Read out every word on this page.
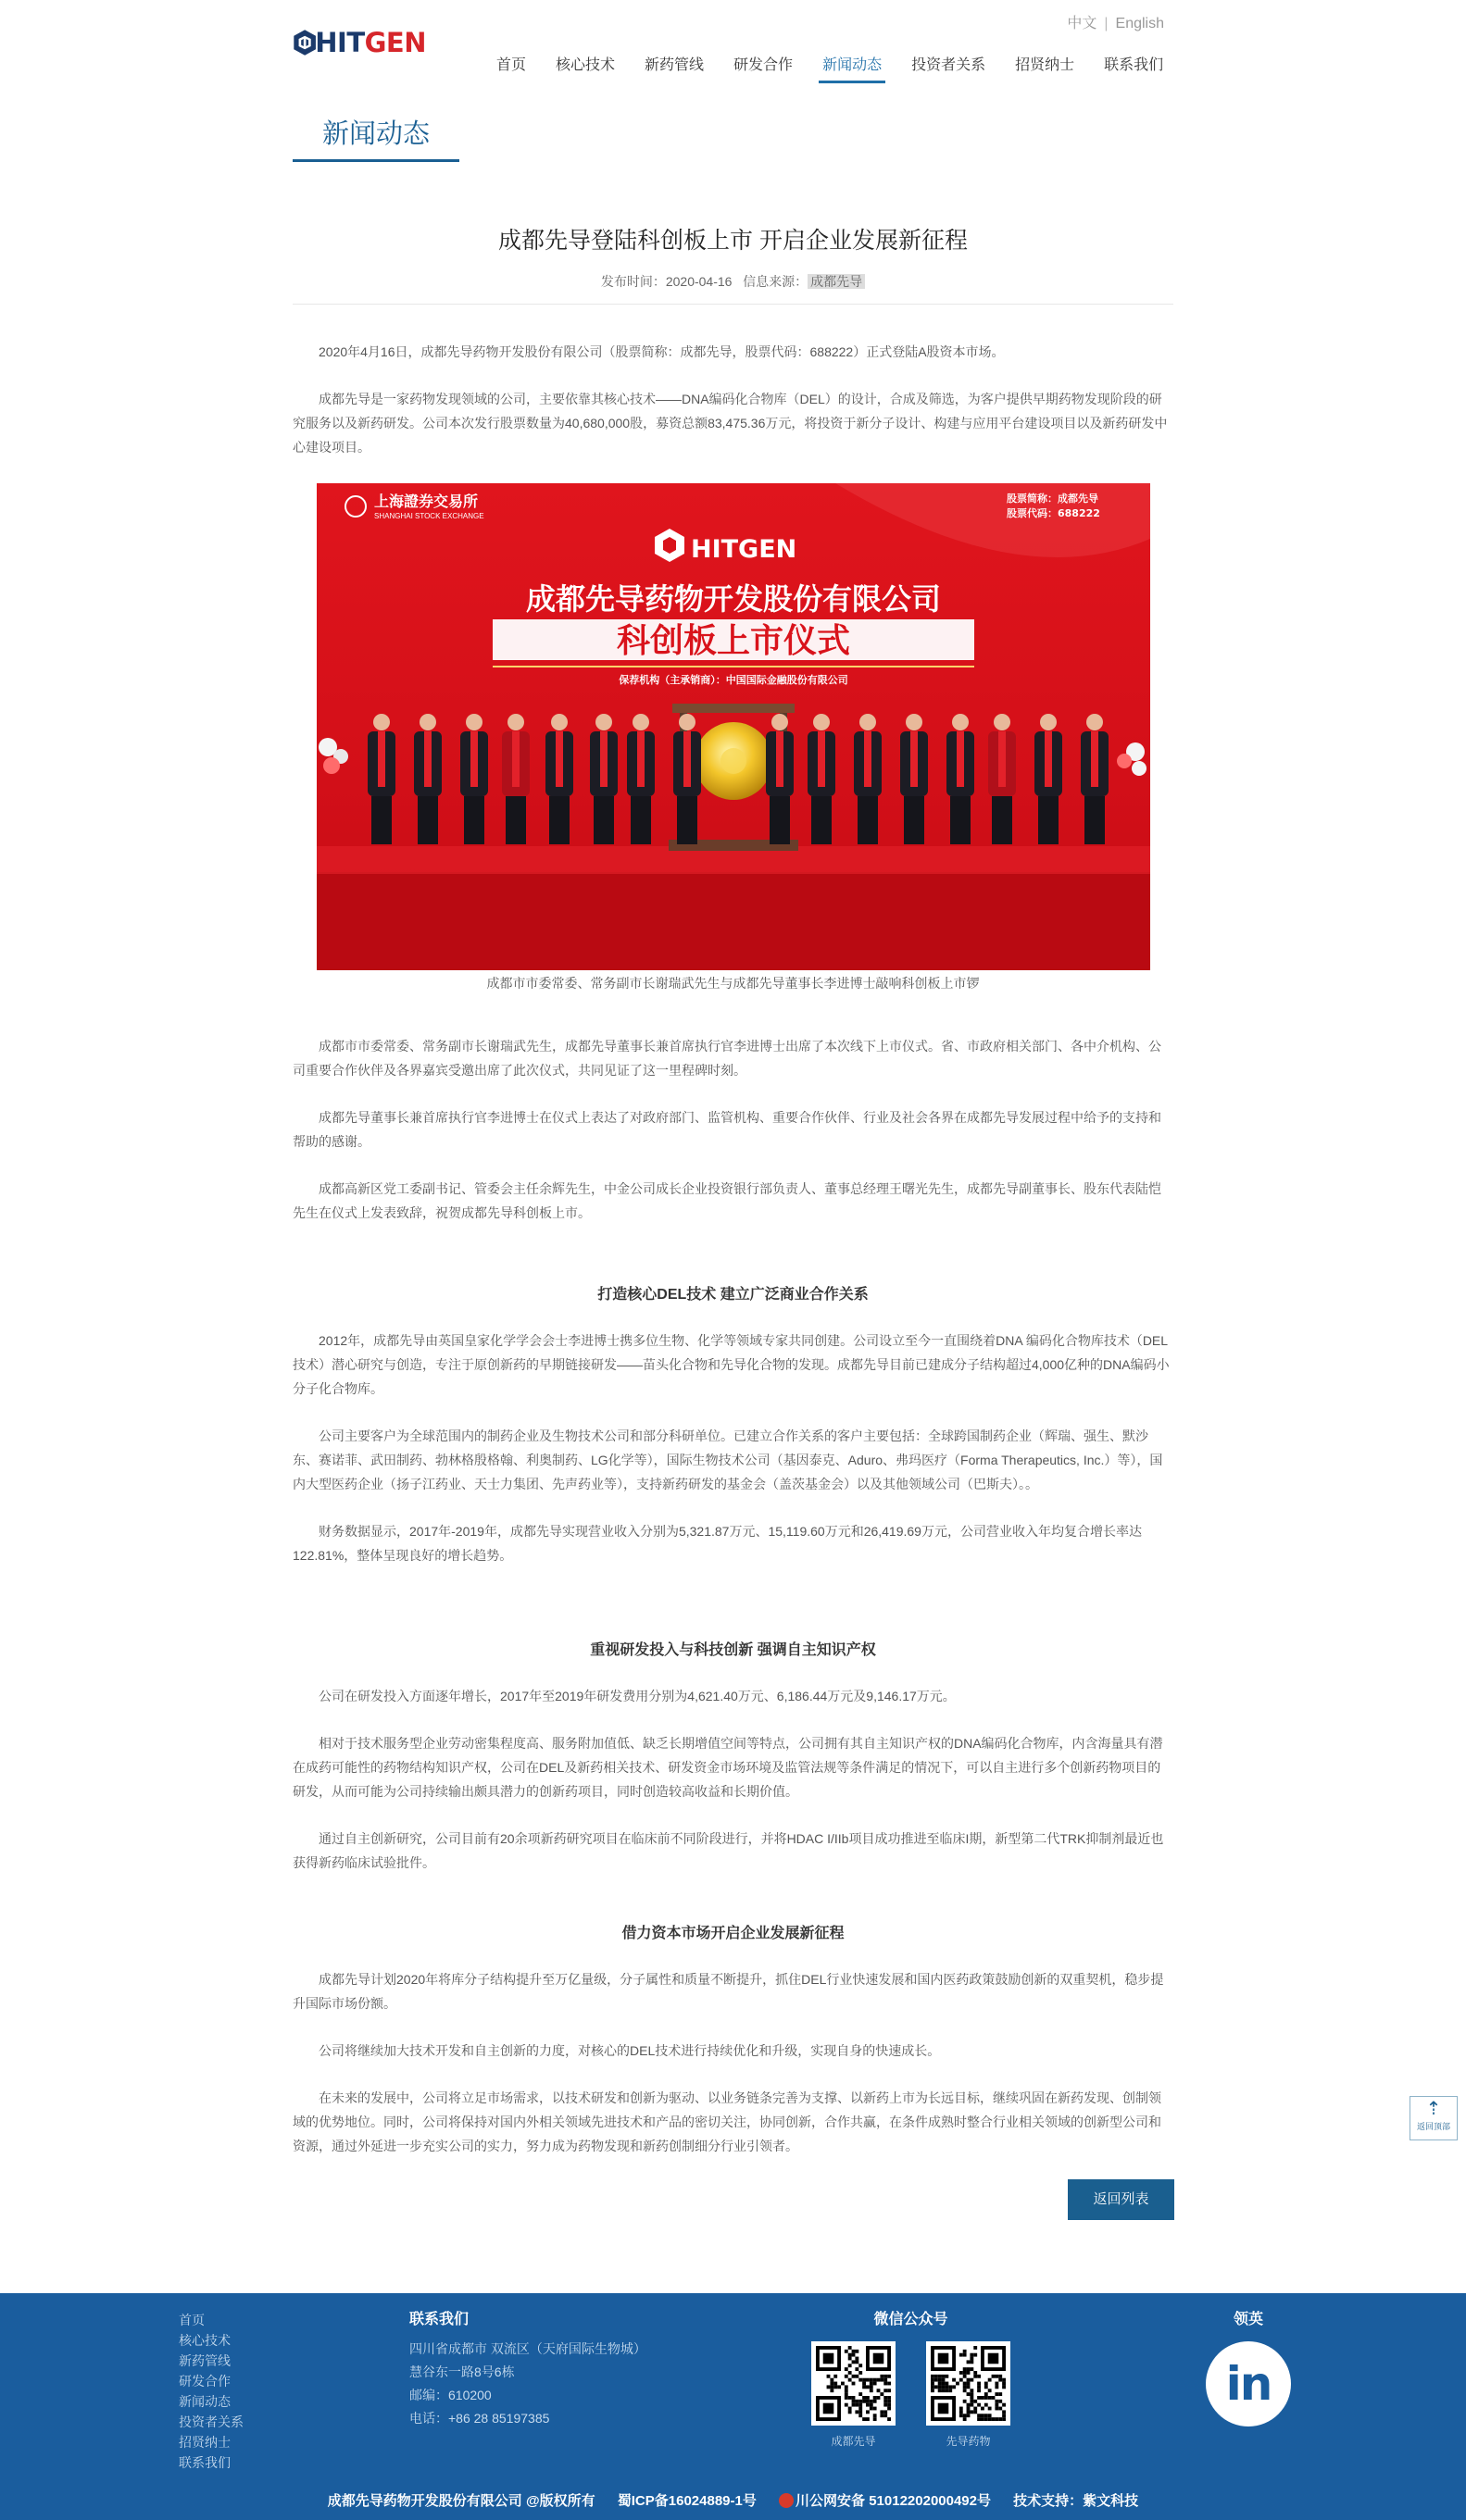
HITGEN
中文 | English
首页	核心技术	新药管线	研发合作	新闻动态	投资者关系	招贤纳士	联系我们
新闻动态
成都先导登陆科创板上市 开启企业发展新征程
发布时间：2020-04-16 信息来源： 成都先导

2020年4月16日，成都先导药物开发股份有限公司（股票简称：成都先导，股票代码：688222）正式登陆A股资本市场。

成都先导是一家药物发现领域的公司，主要依靠其核心技术——DNA编码化合物库（DEL）的设计，合成及筛选，为客户提供早期药物发现阶段的研究服务以及新药研发。公司本次发行股票数量为40,680,000股，募资总额83,475.36万元，将投资于新分子设计、构建与应用平台建设项目以及新药研发中心建设项目。

上海證券交易所
SHANGHAI STOCK EXCHANGE
股票简称：成都先导
股票代码：688222
HITGEN
成都先导药物开发股份有限公司
科创板上市仪式
保荐机构（主承销商）：中国国际金融股份有限公司
成都市市委常委、常务副市长谢瑞武先生与成都先导董事长李进博士敲响科创板上市锣

成都市市委常委、常务副市长谢瑞武先生，成都先导董事长兼首席执行官李进博士出席了本次线下上市仪式。省、市政府相关部门、各中介机构、公司重要合作伙伴及各界嘉宾受邀出席了此次仪式，共同见证了这一里程碑时刻。

成都先导董事长兼首席执行官李进博士在仪式上表达了对政府部门、监管机构、重要合作伙伴、行业及社会各界在成都先导发展过程中给予的支持和帮助的感谢。

成都高新区党工委副书记、管委会主任余辉先生，中金公司成长企业投资银行部负责人、董事总经理王曙光先生，成都先导副董事长、股东代表陆恺先生在仪式上发表致辞，祝贺成都先导科创板上市。

打造核心DEL技术 建立广泛商业合作关系

2012年，成都先导由英国皇家化学学会会士李进博士携多位生物、化学等领域专家共同创建。公司设立至今一直围绕着DNA 编码化合物库技术（DEL技术）潜心研究与创造，专注于原创新药的早期链接研发——苗头化合物和先导化合物的发现。成都先导目前已建成分子结构超过4,000亿种的DNA编码小分子化合物库。

公司主要客户为全球范围内的制药企业及生物技术公司和部分科研单位。已建立合作关系的客户主要包括：全球跨国制药企业（辉瑞、强生、默沙东、赛诺菲、武田制药、勃林格殷格翰、利奥制药、LG化学等），国际生物技术公司（基因泰克、Aduro、弗玛医疗（Forma Therapeutics, Inc.）等），国内大型医药企业（扬子江药业、天士力集团、先声药业等），支持新药研发的基金会（盖茨基金会）以及其他领域公司（巴斯夫）。。

财务数据显示，2017年-2019年，成都先导实现营业收入分别为5,321.87万元、15,119.60万元和26,419.69万元，公司营业收入年均复合增长率达122.81%，整体呈现良好的增长趋势。

重视研发投入与科技创新 强调自主知识产权

公司在研发投入方面逐年增长，2017年至2019年研发费用分别为4,621.40万元、6,186.44万元及9,146.17万元。

相对于技术服务型企业劳动密集程度高、服务附加值低、缺乏长期增值空间等特点，公司拥有其自主知识产权的DNA编码化合物库，内含海量具有潜在成药可能性的药物结构知识产权，公司在DEL及新药相关技术、研发资金市场环境及监管法规等条件满足的情况下，可以自主进行多个创新药物项目的研发，从而可能为公司持续输出颇具潜力的创新药项目，同时创造较高收益和长期价值。

通过自主创新研究，公司目前有20余项新药研究项目在临床前不同阶段进行，并将HDAC I/IIb项目成功推进至临床I期，新型第二代TRK抑制剂最近也获得新药临床试验批件。

借力资本市场开启企业发展新征程

成都先导计划2020年将库分子结构提升至万亿量级，分子属性和质量不断提升，抓住DEL行业快速发展和国内医药政策鼓励创新的双重契机，稳步提升国际市场份额。

公司将继续加大技术开发和自主创新的力度，对核心的DEL技术进行持续优化和升级，实现自身的快速成长。

在未来的发展中，公司将立足市场需求，以技术研发和创新为驱动、以业务链条完善为支撑、以新药上市为长远目标，继续巩固在新药发现、创制领域的优势地位。同时，公司将保持对国内外相关领域先进技术和产品的密切关注，协同创新，合作共赢，在条件成熟时整合行业相关领域的创新型公司和资源，通过外延进一步充实公司的实力，努力成为药物发现和新药创制细分行业引领者。

返回列表
⇡
返回顶部
首页
核心技术
新药管线
研发合作
新闻动态
投资者关系
招贤纳士
联系我们
联系我们
四川省成都市 双流区（天府国际生物城）
慧谷东一路8号6栋
邮编：610200
电话：+86 28 85197385
微信公众号
成都先导	先导药物
领英
in
成都先导药物开发股份有限公司 @版权所有 蜀ICP备16024889-1号	川公网安备 51012202000492号 技术支持：紫文科技
